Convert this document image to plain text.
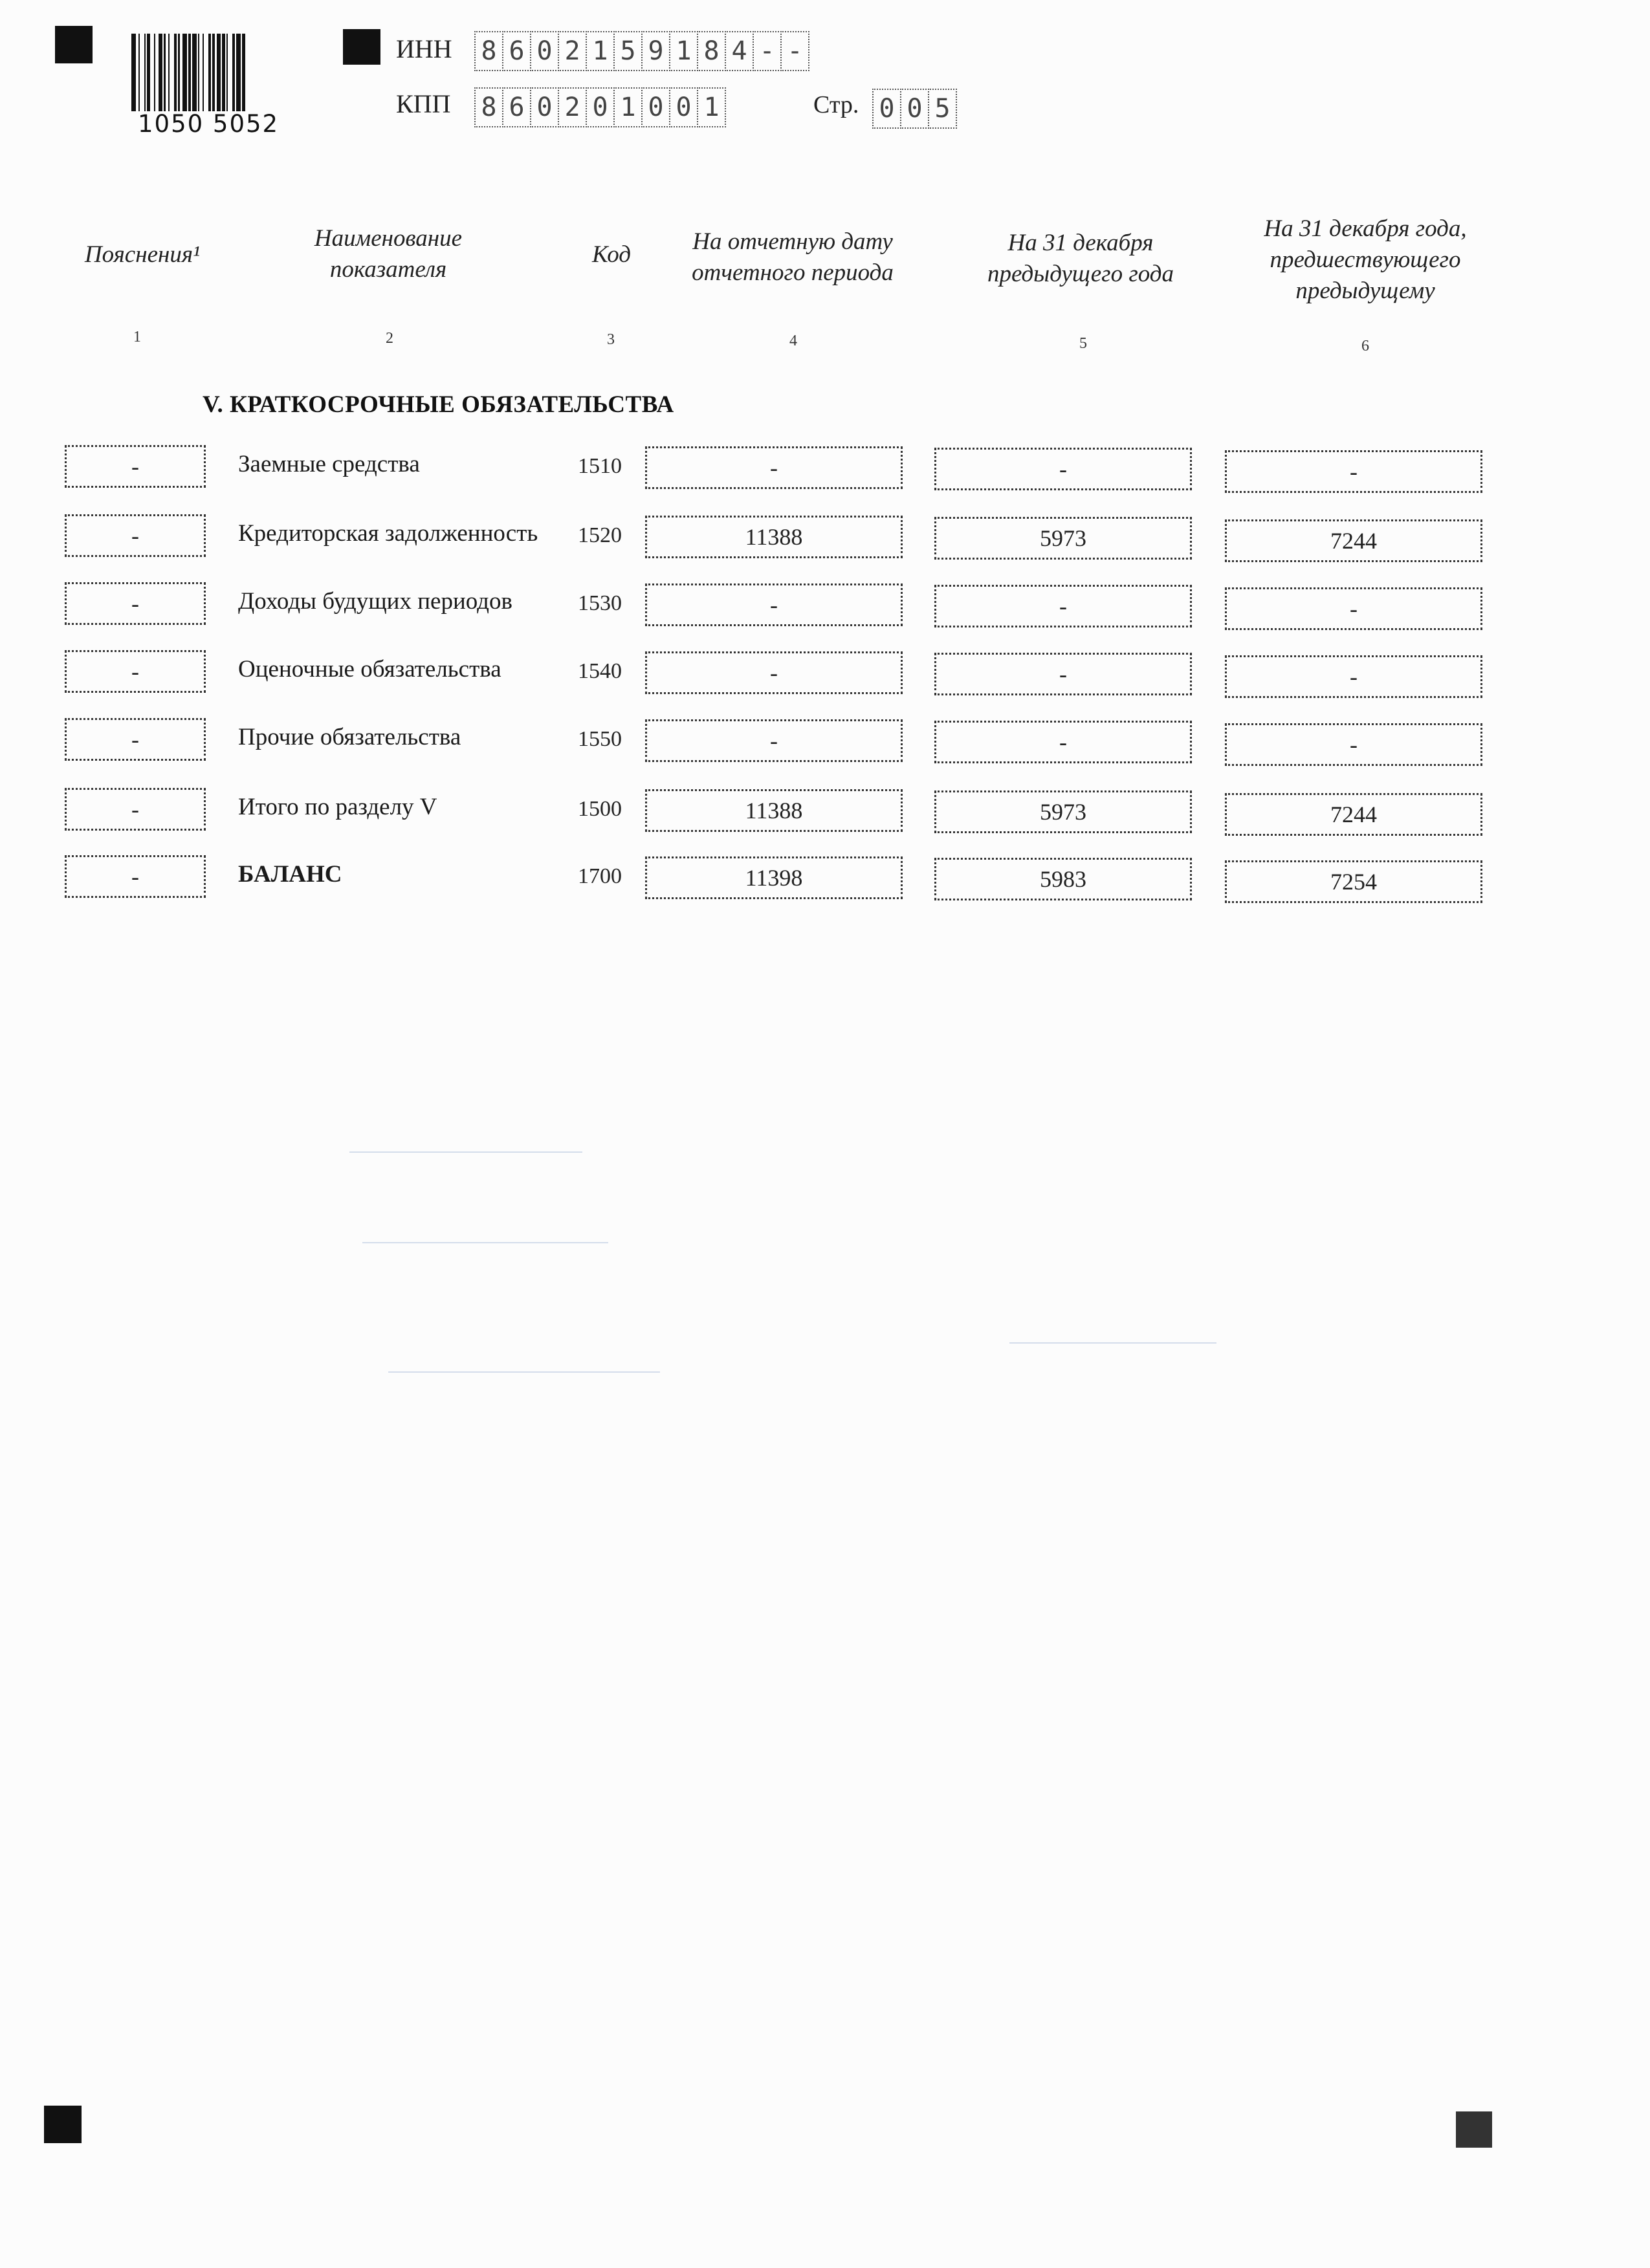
1050 5052
ИНН 8 6 0 2 1 5 9 1 8 4 - -
КПП 8 6 0 2 0 1 0 0 1	Стр. 0 0 5
Пояснения¹
Наименование
показателя
Код	На отчетную дату
отчетного периода
На 31 декабря
предыдущего года
На 31 декабря года,
предшествующего
предыдущему
1	2	3	4	5	6
V. КРАТКОСРОЧНЫЕ ОБЯЗАТЕЛЬСТВА
-	Заемные средства	1510	-	-	-
-	Кредиторская задолженность 1520	11388	5973	7244
-	Доходы будущих периодов	1530	-	-	-
-	Оценочные обязательства	1540	-	-	-
-	Прочие обязательства	1550	-	-	-
-	Итого по разделу V	1500	11388	5973	7244
-	БАЛАНС	1700	11398	5983	7254
